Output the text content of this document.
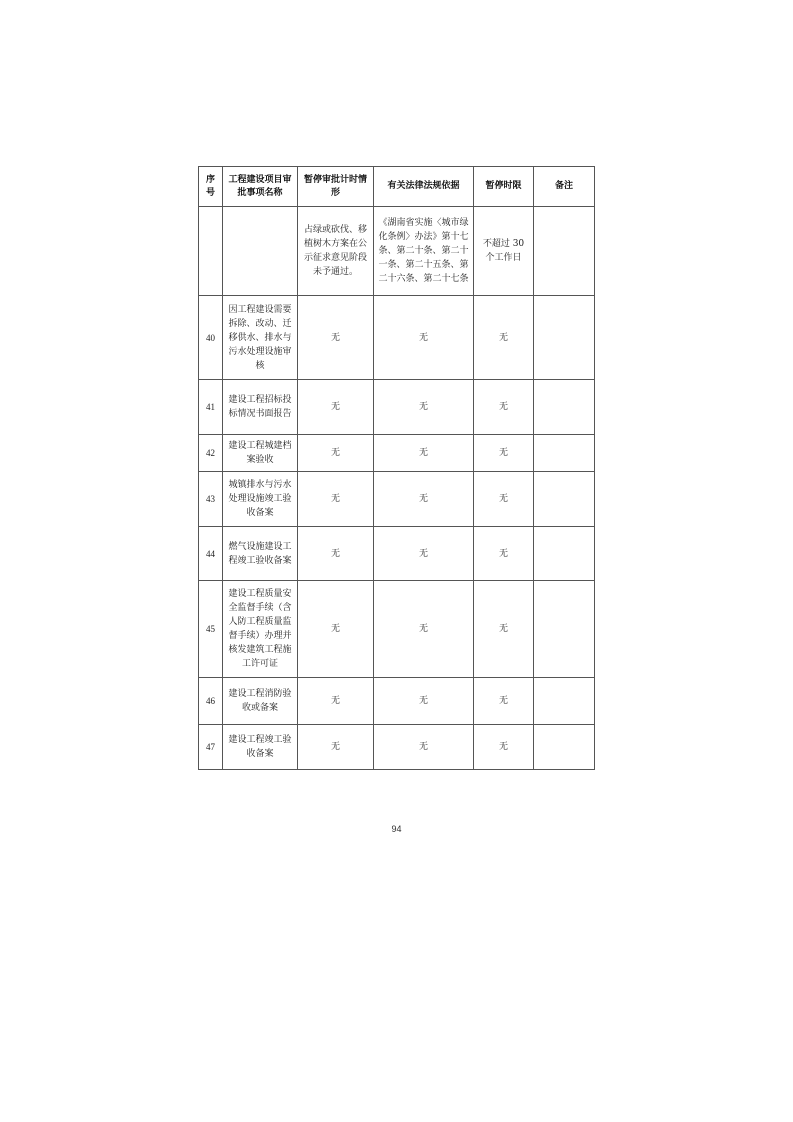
序号	工程建设项目审批事项名称	暂停审批计时情形	有关法律法规依据	暂停时限	备注
		占绿或砍伐、移植树木方案在公示征求意见阶段未予通过。	《湖南省实施〈城市绿化条例〉办法》第十七条、第二十条、第二十一条、第二十五条、第二十六条、第二十七条	不超过 30 个工作日	
40	因工程建设需要拆除、改动、迁移供水、排水与污水处理设施审核	无	无	无	
41	建设工程招标投标情况书面报告	无	无	无	
42	建设工程城建档案验收	无	无	无	
43	城镇排水与污水处理设施竣工验收备案	无	无	无	
44	燃气设施建设工程竣工验收备案	无	无	无	
45	建设工程质量安全监督手续（含人防工程质量监督手续）办理并核发建筑工程施工许可证	无	无	无	
46	建设工程消防验收或备案	无	无	无	
47	建设工程竣工验收备案	无	无	无	
94
